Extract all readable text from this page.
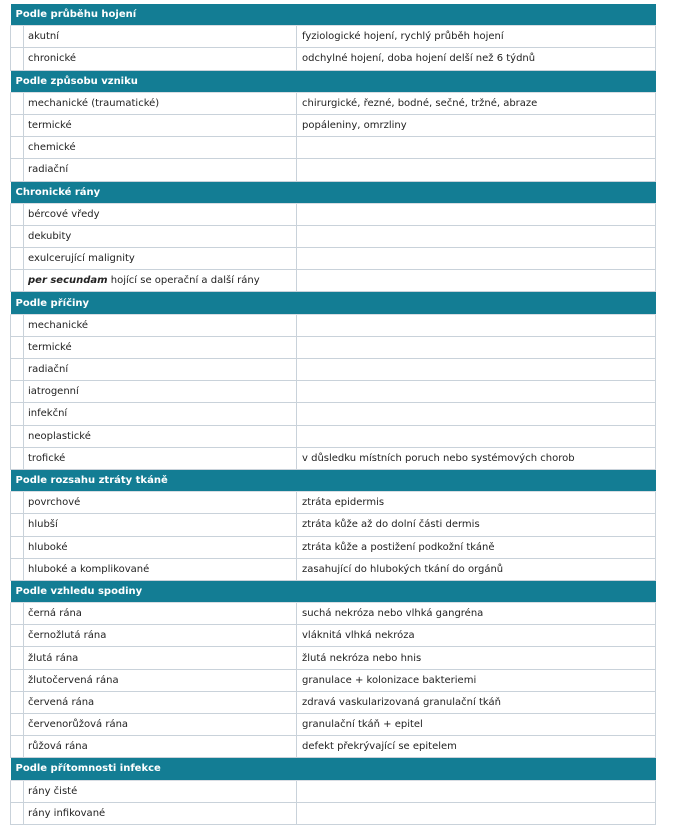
Podle průběhu hojení		
	akutní	fyziologické hojení, rychlý průběh hojení
	chronické	odchylné hojení, doba hojení delší než 6 týdnů
Podle způsobu vzniku		
	mechanické (traumatické)	chirurgické, řezné, bodné, sečné, tržné, abraze
	termické	popáleniny, omrzliny
	chemické	
	radiační	
Chronické rány		
	bércové vředy	
	dekubity	
	exulcerující malignity	
	per secundam hojící se operační a další rány	
Podle příčiny		
	mechanické	
	termické	
	radiační	
	iatrogenní	
	infekční	
	neoplastické	
	trofické	v důsledku místních poruch nebo systémových chorob
Podle rozsahu ztráty tkáně		
	povrchové	ztráta epidermis
	hlubší	ztráta kůže až do dolní části dermis
	hluboké	ztráta kůže a postižení podkožní tkáně
	hluboké a komplikované	zasahující do hlubokých tkání do orgánů
Podle vzhledu spodiny		
	černá rána	suchá nekróza nebo vlhká gangréna
	černožlutá rána	vláknitá vlhká nekróza
	žlutá rána	žlutá nekróza nebo hnis
	žlutočervená rána	granulace + kolonizace bakteriemi
	červená rána	zdravá vaskularizovaná granulační tkáň
	červenorůžová rána	granulační tkáň + epitel
	růžová rána	defekt překrývající se epitelem
Podle přítomnosti infekce		
	rány čisté	
	rány infikované	
